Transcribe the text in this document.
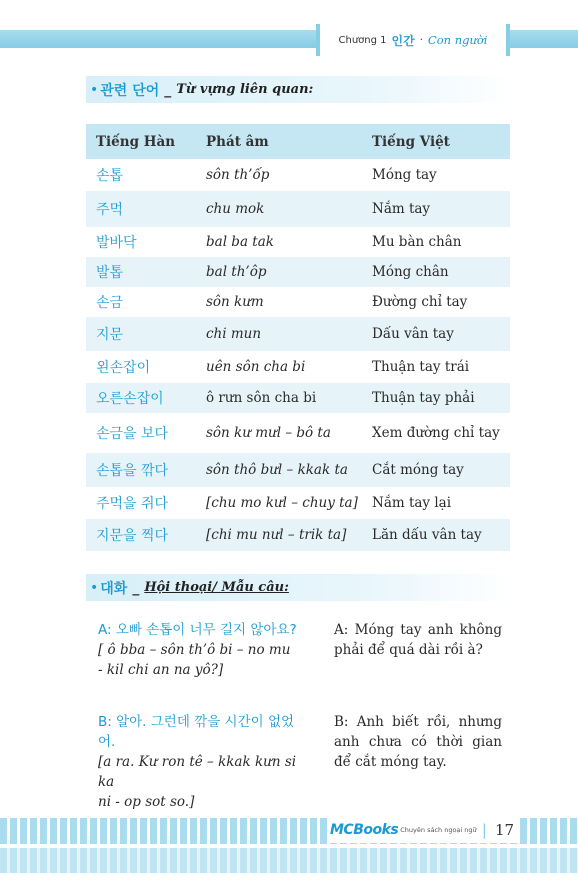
Chương 1 인간 · Con người
• 관련 단어 _ Từ vựng liên quan:
Tiếng Hàn	Phát âm	Tiếng Việt
손톱	sôn th’ốp	Móng tay
주먹	chu mok	Nắm tay
발바닥	bal ba tak	Mu bàn chân
발톱	bal th’ôp	Móng chân
손금	sôn kưm	Đường chỉ tay
지문	chi mun	Dấu vân tay
왼손잡이	uên sôn cha bi	Thuận tay trái
오른손잡이	ô rưn sôn cha bi	Thuận tay phải
손금을 보다	sôn kư mưl – bô ta	Xem đường chỉ tay
손톱을 깎다	sôn thô bưl – kkak ta	Cắt móng tay
주먹을 쥐다	[chu mo kưl – chuy ta]	Nắm tay lại
지문을 찍다	[chi mu nưl – trik ta]	Lăn dấu vân tay
• 대화 _ Hội thoại/ Mẫu câu:
A: 오빠 손톱이 너무 길지 않아요?
[ ô bba – sôn th’ô bi – no mu
- kil chi an na yô?]
A: Móng tay anh không phải để quá dài rồi à?
B: 알아. 그런데 깎을 시간이 없었어.
[a ra. Kư ron tê – kkak kưn si ka
ni - op sot so.]
B: Anh biết rồi, nhưng anh chưa có thời gian để cắt móng tay.
MCBooks Chuyên sách ngoại ngữ | 17
